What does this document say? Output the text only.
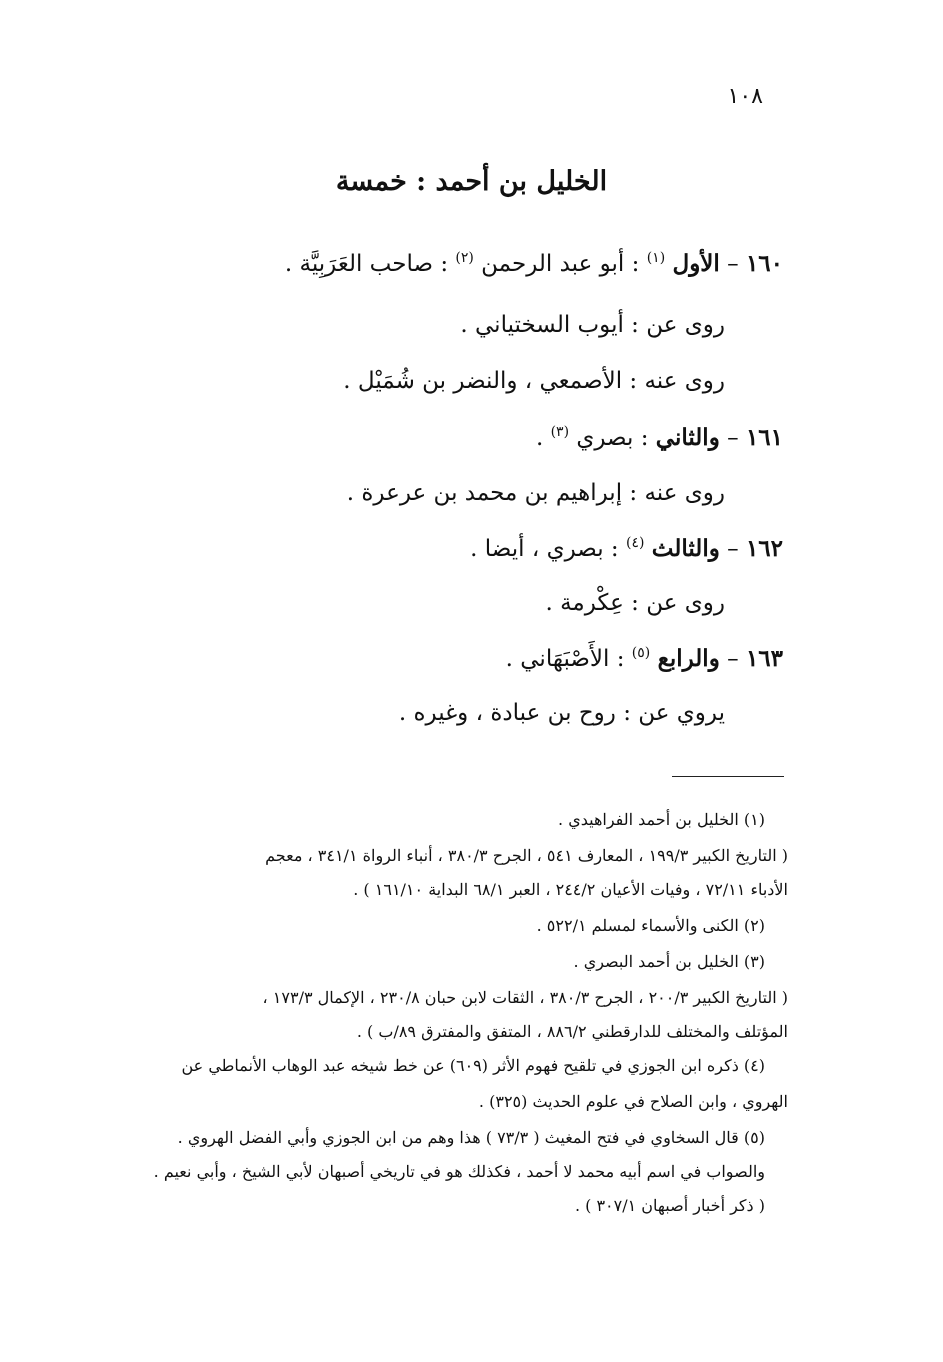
١٠٨
الخليل بن أحمد : خمسة
١٦٠ – الأول $^{(١)}$ : أبو عبد الرحمن $^{(٢)}$ : صاحب العَرَبِيَّة .
روى عن : أيوب السختياني .
روى عنه : الأصمعي ، والنضر بن شُمَيْل .
١٦١ – والثاني : بصري $^{(٣)}$ .
روى عنه : إبراهيم بن محمد بن عرعرة .
١٦٢ – والثالث $^{(٤)}$ : بصري ، أيضا .
روى عن : عِكْرمة .
١٦٣ – والرابع $^{(٥)}$ : الأَصْبَهَاني .
يروي عن : روح بن عبادة ، وغيره .
(١) الخليل بن أحمد الفراهيدي .
( التاريخ الكبير ١٩٩/٣ ، المعارف ٥٤١ ، الجرح ٣٨٠/٣ ، أنباء الرواة ٣٤١/١ ، معجم
الأدباء ٧٢/١١ ، وفيات الأعيان ٢٤٤/٢ ، العبر ٦٨/١ البداية ١٦١/١٠ ) .
(٢) الكنى والأسماء لمسلم ٥٢٢/١ .
(٣) الخليل بن أحمد البصري .
( التاريخ الكبير ٢٠٠/٣ ، الجرح ٣٨٠/٣ ، الثقات لابن حبان ٢٣٠/٨ ، الإكمال ١٧٣/٣ ،
المؤتلف والمختلف للدارقطني ٨٨٦/٢ ، المتفق والمفترق ٨٩/ب ) .
(٤) ذكره ابن الجوزي في تلقيح فهوم الأثر (٦٠٩) عن خط شيخه عبد الوهاب الأنماطي عن
الهروي ، وابن الصلاح في علوم الحديث (٣٢٥) .
(٥) قال السخاوي في فتح المغيث ( ٧٣/٣ ) هذا وهم من ابن الجوزي وأبي الفضل الهروي .
والصواب في اسم أبيه محمد لا أحمد ، فكذلك هو في تاريخي أصبهان لأبي الشيخ ، وأبي نعيم .
( ذكر أخبار أصبهان ٣٠٧/١ ) .
